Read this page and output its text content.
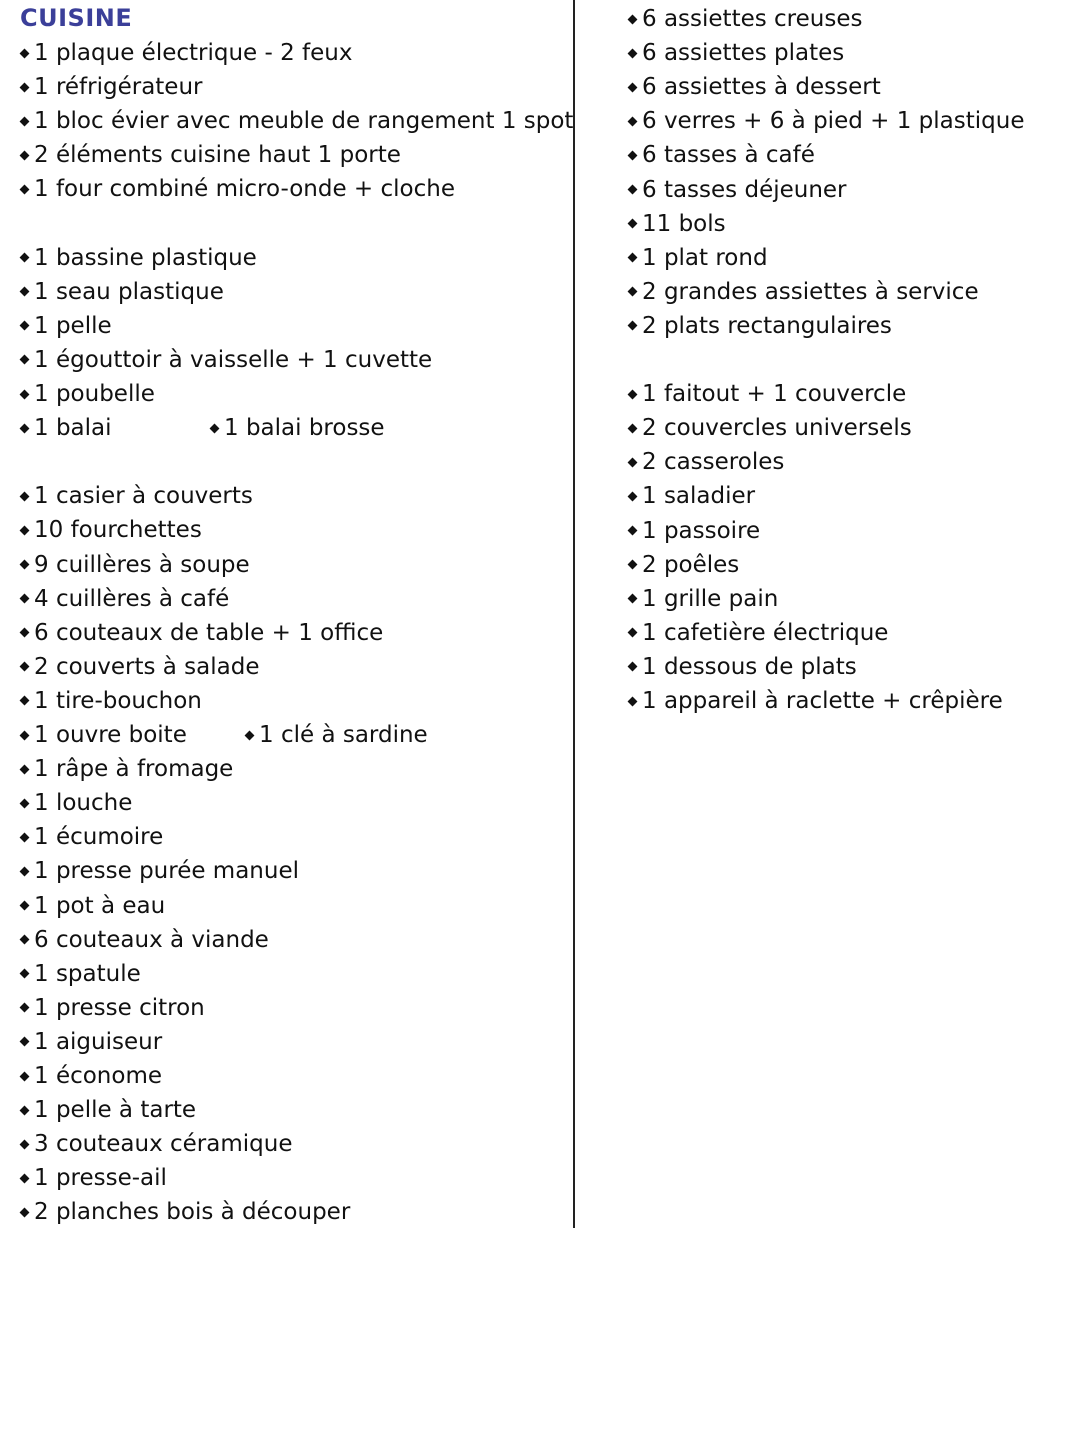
CUISINE
1 plaque électrique - 2 feux
1 réfrigérateur
1 bloc évier avec meuble de rangement 1 spot
2 éléments cuisine haut 1 porte
1 four combiné micro-onde + cloche
1 bassine plastique
1 seau plastique
1 pelle
1 égouttoir à vaisselle + 1 cuvette
1 poubelle
1 balai
1 casier à couverts
10 fourchettes
9 cuillères à soupe
4 cuillères à café
6 couteaux de table + 1 office
2 couverts à salade
1 tire-bouchon
1 ouvre boite
1 râpe à fromage
1 louche
1 écumoire
1 presse purée manuel
1 pot à eau
6 couteaux à viande
1 spatule
1 presse citron
1 aiguiseur
1 économe
1 pelle à tarte
3 couteaux céramique
1 presse-ail
2 planches bois à découper
1 balai brosse
1 clé à sardine
6 assiettes creuses
6 assiettes plates
6 assiettes à dessert
6 verres + 6 à pied + 1 plastique
6 tasses à café
6 tasses déjeuner
11 bols
1 plat rond
2 grandes assiettes à service
2 plats rectangulaires
1 faitout + 1 couvercle
2 couvercles universels
2 casseroles
1 saladier
1 passoire
2 poêles
1 grille pain
1 cafetière électrique
1 dessous de plats
1 appareil à raclette + crêpière
